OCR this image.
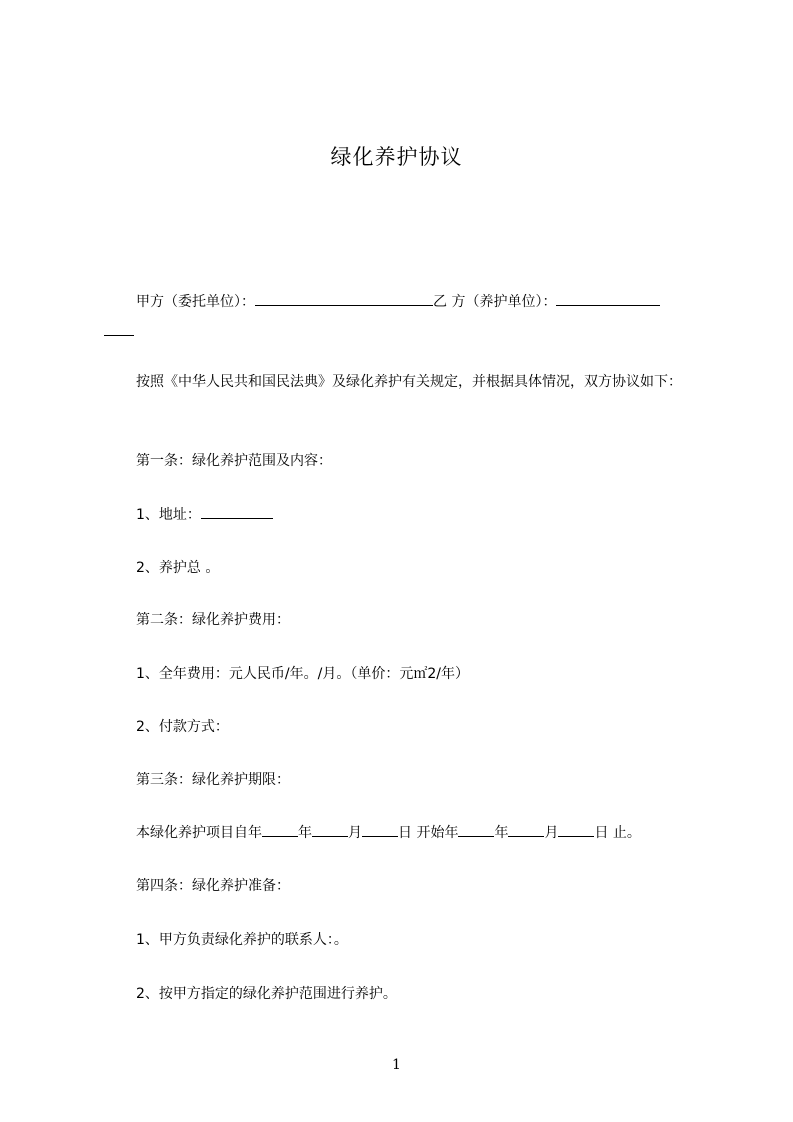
绿化养护协议
甲方（委托单位）：	乙 方（养护单位）：
按照《中华人民共和国民法典》及绿化养护有关规定，并根据具体情况，双方协议如下：
第一条：绿化养护范围及内容：
1、地址：
2、养护总 。
第二条：绿化养护费用：
1、全年费用：元人民币/年。/月。（单价：元㎡2/年）
2、付款方式：
第三条：绿化养护期限：
本绿化养护项目自年	年	月	日 开始年	年	月	日 止。
第四条：绿化养护准备：
1、甲方负责绿化养护的联系人：。
2、按甲方指定的绿化养护范围进行养护。
1
